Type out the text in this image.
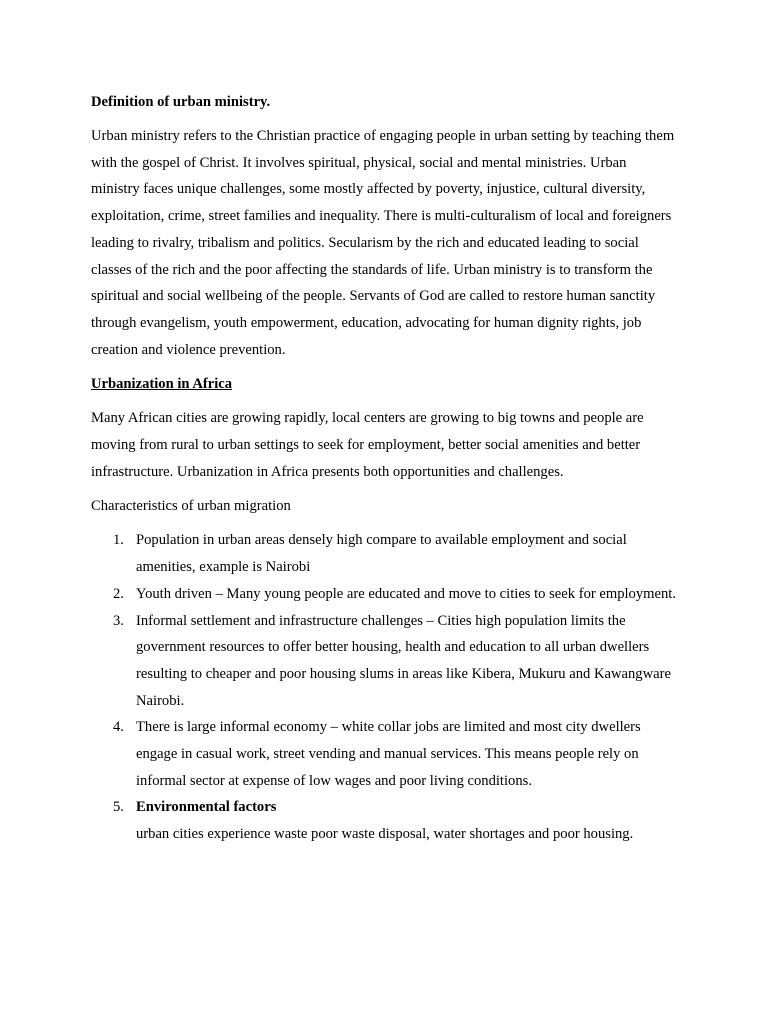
Definition of urban ministry.

Urban ministry refers to the Christian practice of engaging people in urban setting by teaching them with the gospel of Christ. It involves spiritual, physical, social and mental ministries. Urban ministry faces unique challenges, some mostly affected by poverty, injustice, cultural diversity, exploitation, crime, street families and inequality. There is multi-culturalism of local and foreigners leading to rivalry, tribalism and politics. Secularism by the rich and educated leading to social classes of the rich and the poor affecting the standards of life. Urban ministry is to transform the spiritual and social wellbeing of the people. Servants of God are called to restore human sanctity through evangelism, youth empowerment, education, advocating for human dignity rights, job creation and violence prevention.

Urbanization in Africa

Many African cities are growing rapidly, local centers are growing to big towns and people are moving from rural to urban settings to seek for employment, better social amenities and better infrastructure. Urbanization in Africa presents both opportunities and challenges.

Characteristics of urban migration
1. Population in urban areas densely high compare to available employment and social amenities, example is Nairobi
2. Youth driven – Many young people are educated and move to cities to seek for employment.
3. Informal settlement and infrastructure challenges – Cities high population limits the government resources to offer better housing, health and education to all urban dwellers resulting to cheaper and poor housing slums in areas like Kibera, Mukuru and Kawangware Nairobi.
4. There is large informal economy – white collar jobs are limited and most city dwellers engage in casual work, street vending and manual services. This means people rely on informal sector at expense of low wages and poor living conditions.
5. Environmental factors
urban cities experience waste poor waste disposal, water shortages and poor housing.
